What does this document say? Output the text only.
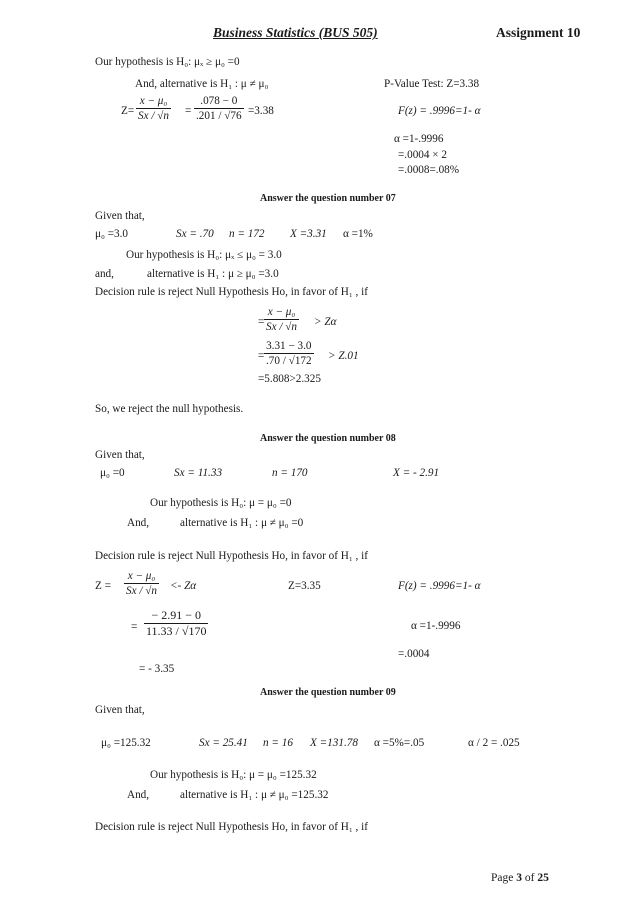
Business Statistics (BUS 505)	Assignment 10
Our hypothesis is H₀: μₓ ≥ μ₀ =0
And, alternative is H₁ : μ ≠ μ₀	P-Value Test: Z=3.38
$Z= \frac{\text{x − μ₀}}{Sx / √n} = \frac{.078 - 0}{.201 / √76} =3.38$	F(z) = .9996=1- α
α =1-.9996
=.0004 × 2
=.0008=.08%
Answer the question number 07
Given that,
μ₀ =3.0	Sx = .70 n = 172 X =3.31 α =1%
Our hypothesis is H₀: μₓ ≤ μ₀ = 3.0
and,	alternative is H₁ : μ ≥ μ₀ =3.0
Decision rule is reject Null Hypothesis Ho, in favor of H₁ , if
= $\frac{\text{x − μ₀}}{Sx / √n} > Z\alpha$
= $\frac{3.31 - 3.0}{.70 / √172} > Z.01$
=5.808>2.325
So, we reject the null hypothesis.
Answer the question number 08
Given that,
μ₀ =0	Sx = 11.33	n = 170	X = - 2.91
Our hypothesis is H₀: μ = μ₀ =0
And,	alternative is H₁ : μ ≠ μ₀ =0
Decision rule is reject Null Hypothesis Ho, in favor of H₁ , if
$Z = \frac{\text{x − μ₀}}{Sx / √n} <- Z\alpha$	Z=3.35	F(z) = .9996=1- α
= $\frac{- 2.91 - 0}{11.33 / √170}$	α =1-.9996
=.0004
= - 3.35
Answer the question number 09
Given that,
μ₀ =125.32	Sx = 25.41 n = 16 X =131.78 α =5%=.05	α / 2 = .025
Our hypothesis is H₀: μ = μ₀ =125.32
And,	alternative is H₁ : μ ≠ μ₀ =125.32
Decision rule is reject Null Hypothesis Ho, in favor of H₁ , if
Page 3 of 25
